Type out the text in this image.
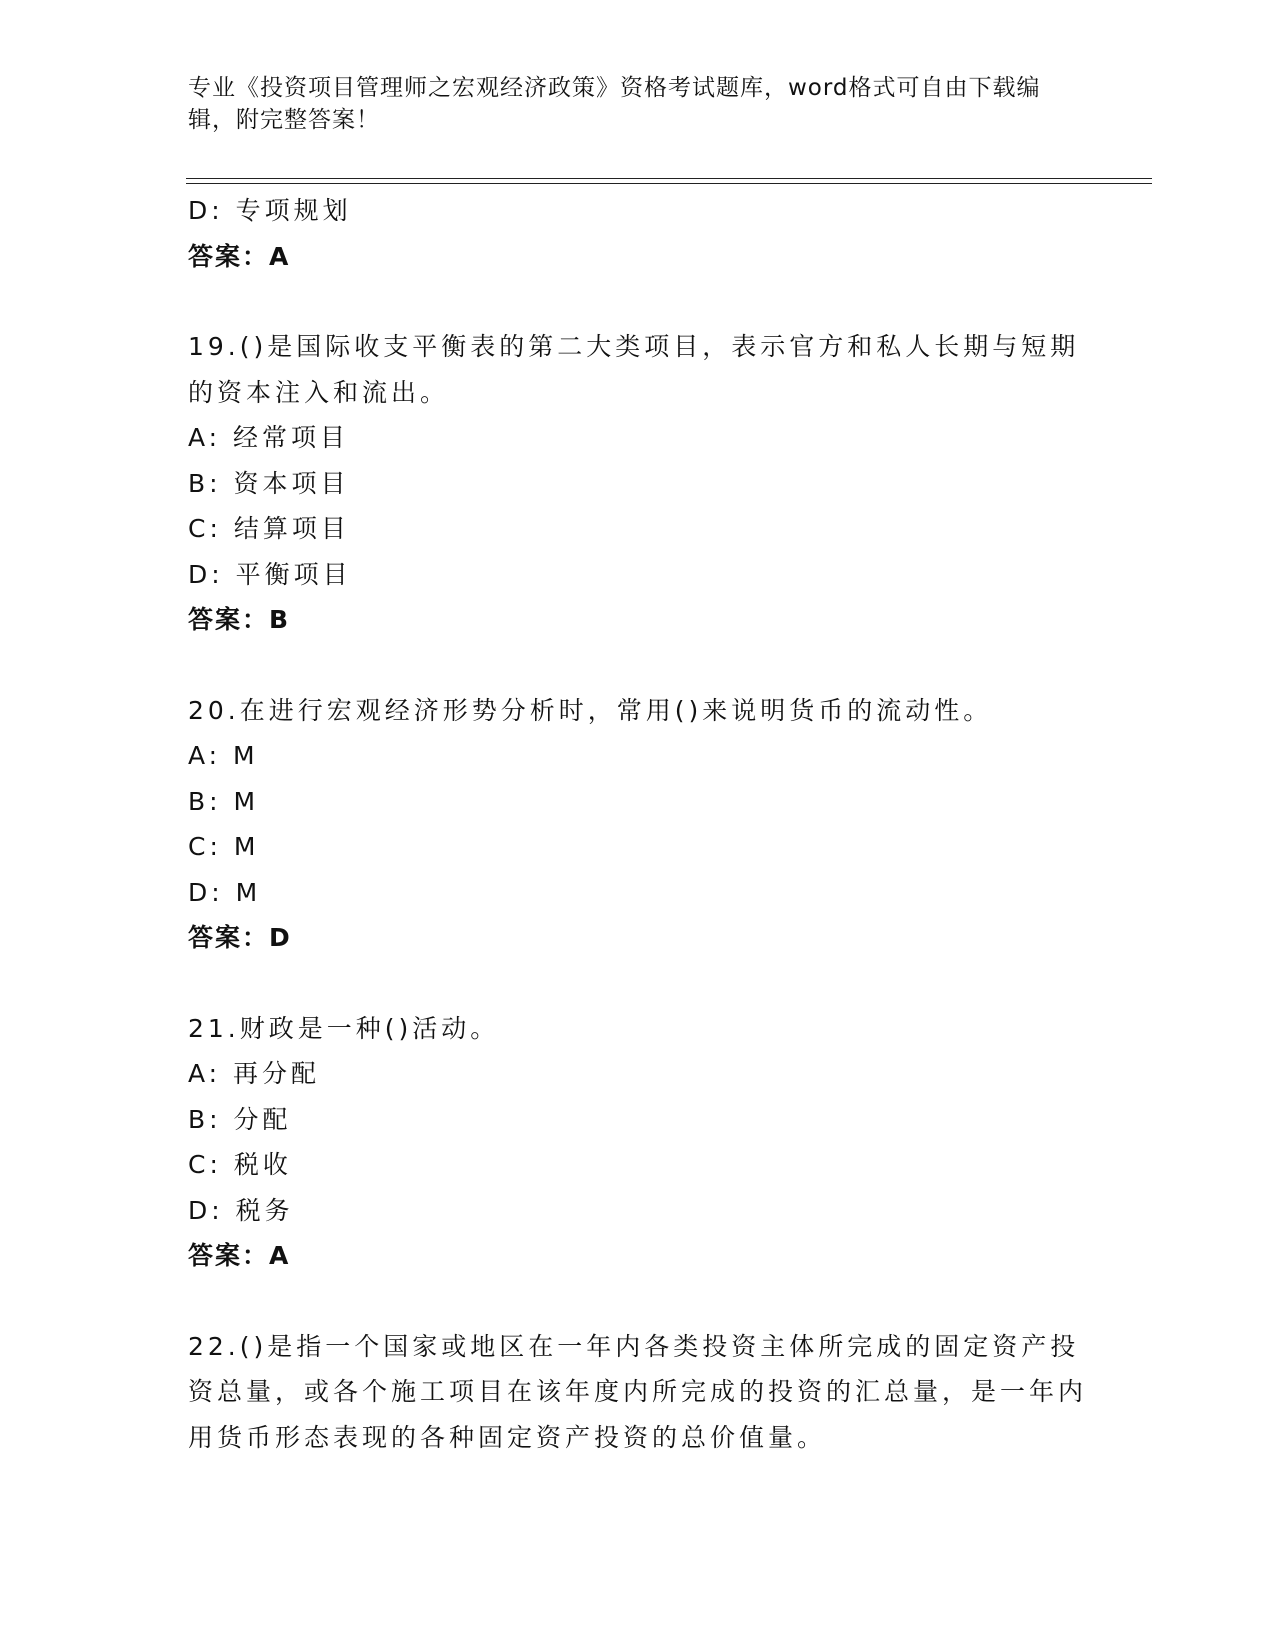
专业《投资项目管理师之宏观经济政策》资格考试题库，word格式可自由下载编辑，附完整答案！
D: 专项规划
答案：A
19.()是国际收支平衡表的第二大类项目，表示官方和私人长期与短期的资本注入和流出。
A: 经常项目
B: 资本项目
C: 结算项目
D: 平衡项目
答案：B
20.在进行宏观经济形势分析时，常用()来说明货币的流动性。
A: M
B: M
C: M
D: M
答案：D
21.财政是一种()活动。
A: 再分配
B: 分配
C: 税收
D: 税务
答案：A
22.()是指一个国家或地区在一年内各类投资主体所完成的固定资产投资总量，或各个施工项目在该年度内所完成的投资的汇总量，是一年内用货币形态表现的各种固定资产投资的总价值量。
